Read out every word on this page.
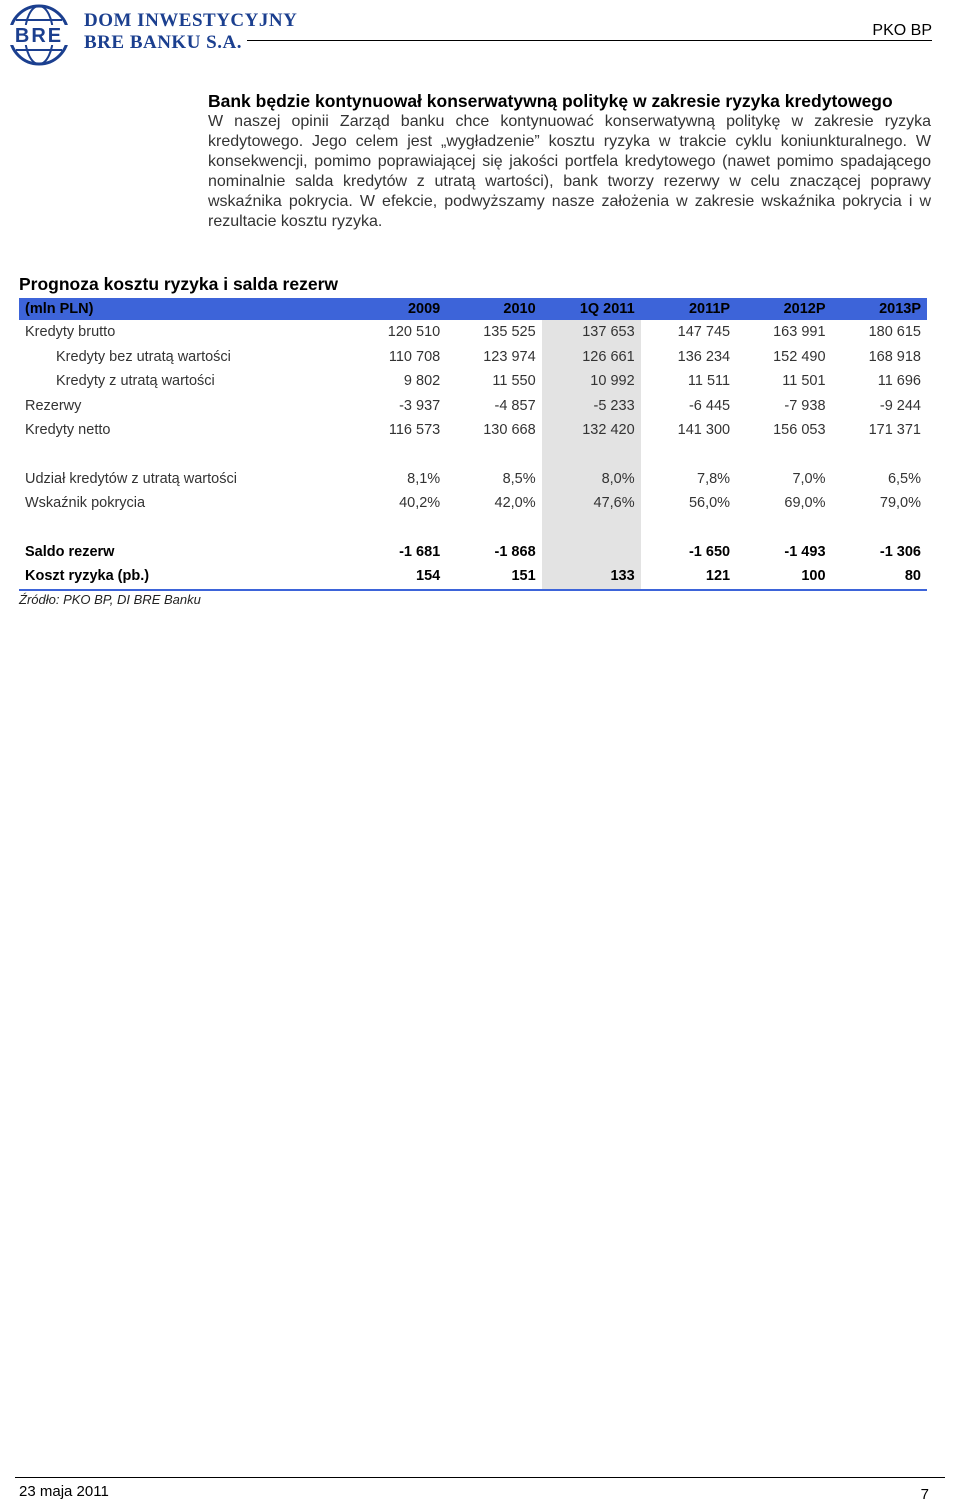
BRE
DOM INWESTYCYJNY
BRE BANKU S.A.
PKO BP
Bank będzie kontynuował konserwatywną politykę w zakresie ryzyka kredytowego

W naszej opinii Zarząd banku chce kontynuować konserwatywną politykę w zakresie ryzyka kredytowego. Jego celem jest „wygładzenie” kosztu ryzyka w trakcie cyklu koniunkturalnego. W konsekwencji, pomimo poprawiającej się jakości portfela kredytowego (nawet pomimo spadającego nominalnie salda kredytów z utratą wartości), bank tworzy rezerwy w celu znaczącej poprawy wskaźnika pokrycia. W efekcie, podwyższamy nasze założenia w zakresie wskaźnika pokrycia i w rezultacie kosztu ryzyka.

Prognoza kosztu ryzyka i salda rezerw
(mln PLN)	2009	2010	1Q 2011	2011P	2012P	2013P
Kredyty brutto	120 510	135 525	137 653	147 745	163 991	180 615
Kredyty bez utratą wartości	110 708	123 974	126 661	136 234	152 490	168 918
Kredyty z utratą wartości	9 802	11 550	10 992	11 511	11 501	11 696
Rezerwy	-3 937	-4 857	-5 233	-6 445	-7 938	-9 244
Kredyty netto	116 573	130 668	132 420	141 300	156 053	171 371

Udział kredytów z utratą wartości	8,1%	8,5%	8,0%	7,8%	7,0%	6,5%
Wskaźnik pokrycia	40,2%	42,0%	47,6%	56,0%	69,0%	79,0%

Saldo rezerw	-1 681	-1 868		-1 650	-1 493	-1 306
Koszt ryzyka (pb.)	154	151	133	121	100	80
Źródło: PKO BP, DI BRE Banku
23 maja 2011	7
